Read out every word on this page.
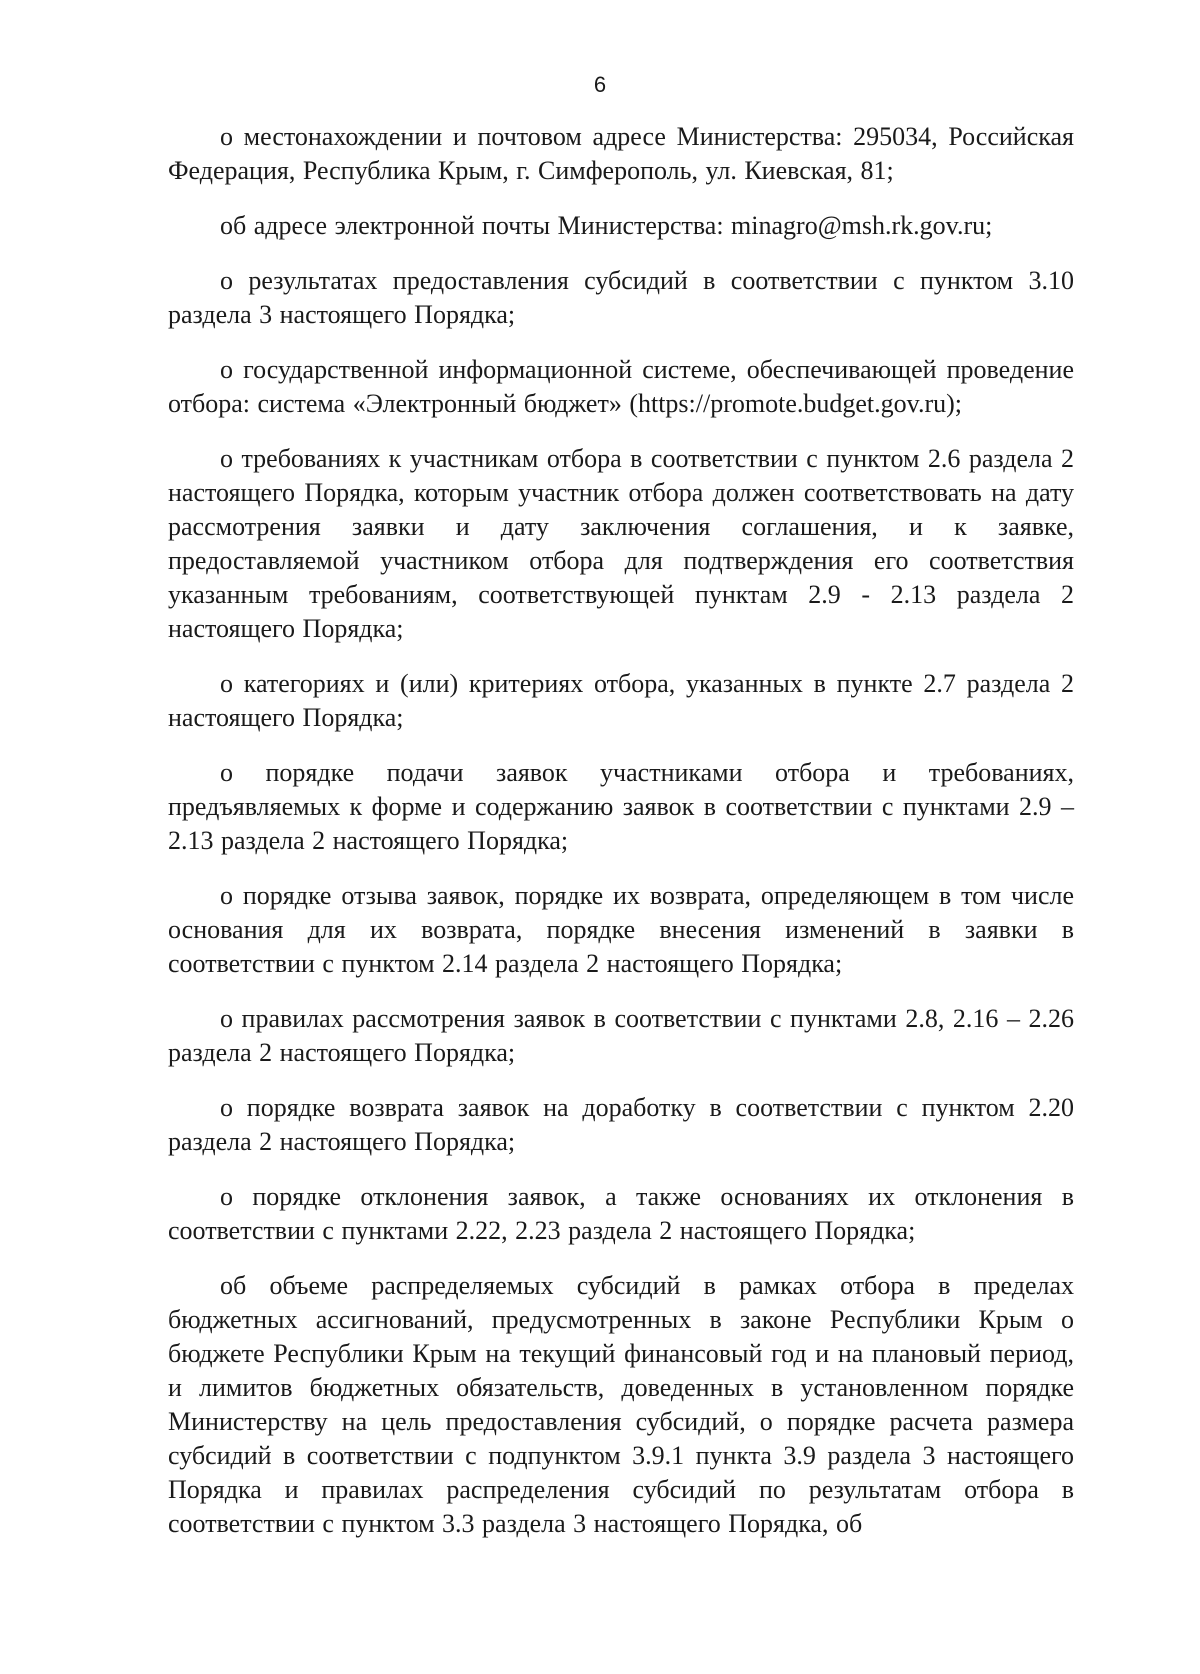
6

о местонахождении и почтовом адресе Министерства: 295034, Российская Федерация, Республика Крым, г. Симферополь, ул. Киевская, 81;

об адресе электронной почты Министерства: minagro@msh.rk.gov.ru;

о результатах предоставления субсидий в соответствии с пунктом 3.10 раздела 3 настоящего Порядка;

о государственной информационной системе, обеспечивающей проведение отбора: система «Электронный бюджет» (https://promote.budget.gov.ru);

о требованиях к участникам отбора в соответствии с пунктом 2.6 раздела 2 настоящего Порядка, которым участник отбора должен соответствовать на дату рассмотрения заявки и дату заключения соглашения, и к заявке, предоставляемой участником отбора для подтверждения его соответствия указанным требованиям, соответствующей пунктам 2.9 - 2.13 раздела 2 настоящего Порядка;

о категориях и (или) критериях отбора, указанных в пункте 2.7 раздела 2 настоящего Порядка;

о порядке подачи заявок участниками отбора и требованиях, предъявляемых к форме и содержанию заявок в соответствии с пунктами 2.9 – 2.13 раздела 2 настоящего Порядка;

о порядке отзыва заявок, порядке их возврата, определяющем в том числе основания для их возврата, порядке внесения изменений в заявки в соответствии с пунктом 2.14 раздела 2 настоящего Порядка;

о правилах рассмотрения заявок в соответствии с пунктами 2.8, 2.16 – 2.26 раздела 2 настоящего Порядка;

о порядке возврата заявок на доработку в соответствии с пунктом 2.20 раздела 2 настоящего Порядка;

о порядке отклонения заявок, а также основаниях их отклонения в соответствии с пунктами 2.22, 2.23 раздела 2 настоящего Порядка;

об объеме распределяемых субсидий в рамках отбора в пределах бюджетных ассигнований, предусмотренных в законе Республики Крым о бюджете Республики Крым на текущий финансовый год и на плановый период, и лимитов бюджетных обязательств, доведенных в установленном порядке Министерству на цель предоставления субсидий, о порядке расчета размера субсидий в соответствии с подпунктом 3.9.1 пункта 3.9 раздела 3 настоящего Порядка и правилах распределения субсидий по результатам отбора в соответствии с пунктом 3.3 раздела 3 настоящего Порядка, об
